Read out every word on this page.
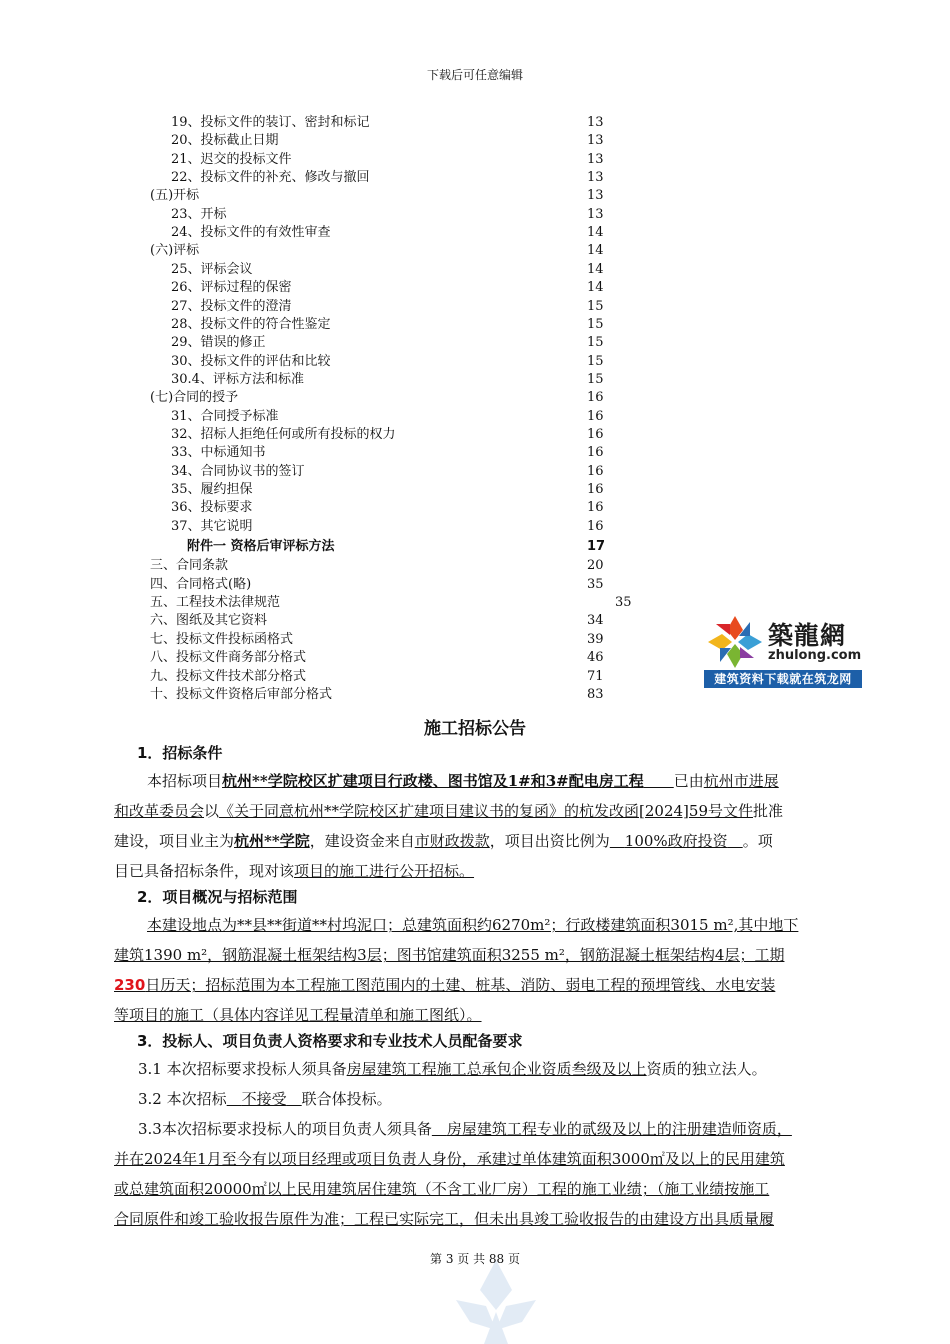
下载后可任意编辑
19、投标文件的装订、密封和标记	13
20、投标截止日期	13
21、迟交的投标文件	13
22、投标文件的补充、修改与撤回	13
(五)开标	13
23、开标	13
24、投标文件的有效性审查	14
(六)评标	14
25、评标会议	14
26、评标过程的保密	14
27、投标文件的澄清	15
28、投标文件的符合性鉴定	15
29、错误的修正	15
30、投标文件的评估和比较	15
30.4、评标方法和标准	15
(七)合同的授予	16
31、合同授予标准	16
32、招标人拒绝任何或所有投标的权力	16
33、中标通知书	16
34、合同协议书的签订	16
35、履约担保	16
36、投标要求	16
37、其它说明	16
附件一 资格后审评标方法	17
三、合同条款	20
四、合同格式(略)	35
五、工程技术法律规范	35
六、图纸及其它资料	34
七、投标文件投标函格式	39
八、投标文件商务部分格式	46
九、投标文件技术部分格式	71
十、投标文件资格后审部分格式	83
築龍網
zhulong.com
建筑资料下载就在筑龙网
施工招标公告
1．招标条件
本招标项目杭州**学院校区扩建项目行政楼、图书馆及1#和3#配电房工程　　 已由杭州市进展
和改革委员会以《关于同意杭州**学院校区扩建项目建议书的复函》的杭发改函[2024]59号文件批准
建设，项目业主为杭州**学院，建设资金来自市财政拨款，项目出资比例为　 100%政府投资　 。项
目已具备招标条件，现对该项目的施工进行公开招标。
2．项目概况与招标范围
本建设地点为**县**街道**村坞泥口；总建筑面积约6270m²；行政楼建筑面积3015 m²,其中地下
建筑1390 m²，钢筋混凝土框架结构3层；图书馆建筑面积3255 m²，钢筋混凝土框架结构4层；工期
230日历天；招标范围为本工程施工图范围内的土建、桩基、消防、弱电工程的预埋管线、水电安装
等项目的施工（具体内容详见工程量清单和施工图纸）。
3．投标人、项目负责人资格要求和专业技术人员配备要求
3.1 本次招标要求投标人须具备房屋建筑工程施工总承包企业资质叁级及以上资质的独立法人。
3.2 本次招标　 不接受　 联合体投标。
3.3本次招标要求投标人的项目负责人须具备　 房屋建筑工程专业的贰级及以上的注册建造师资质，
并在2024年1月至今有以项目经理或项目负责人身份，承建过单体建筑面积3000㎡及以上的民用建筑
或总建筑面积20000㎡以上民用建筑居住建筑（不含工业厂房）工程的施工业绩；（施工业绩按施工
合同原件和竣工验收报告原件为准；工程已实际完工，但未出具竣工验收报告的由建设方出具质量履
第 3 页 共 88 页
